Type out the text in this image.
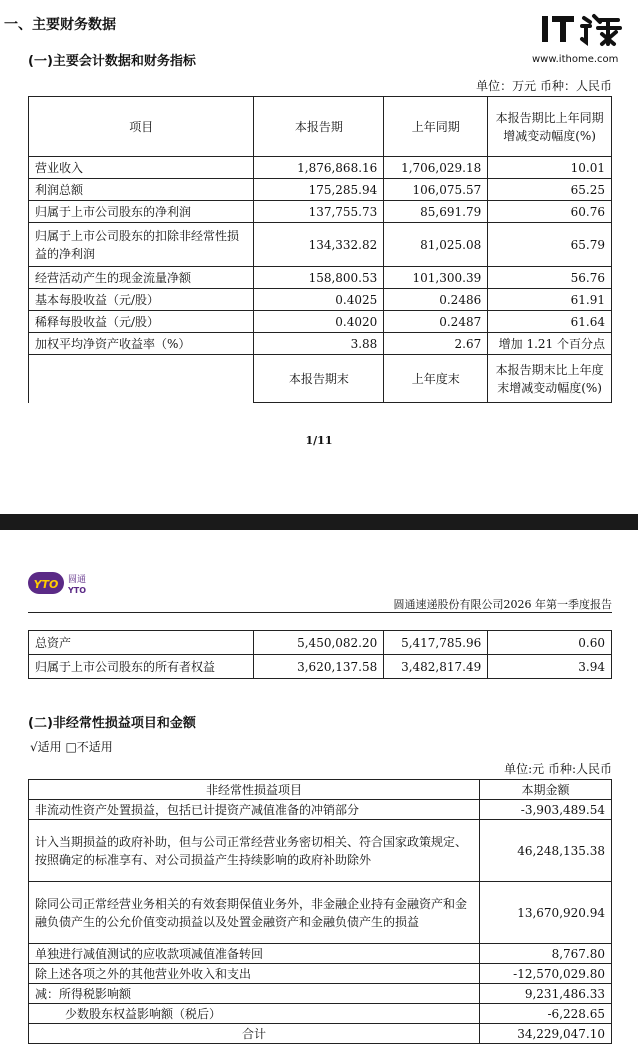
一、主要财务数据
(一)主要会计数据和财务指标	www.ithome.com
单位：万元 币种：人民币
项目	本报告期	上年同期	本报告期比上年同期增减变动幅度(%)
营业收入	1,876,868.16	1,706,029.18	10.01
利润总额	175,285.94	106,075.57	65.25
归属于上市公司股东的净利润	137,755.73	85,691.79	60.76
归属于上市公司股东的扣除非经常性损益的净利润	134,332.82	81,025.08	65.79
经营活动产生的现金流量净额	158,800.53	101,300.39	56.76
基本每股收益（元/股）	0.4025	0.2486	61.91
稀释每股收益（元/股）	0.4020	0.2487	61.64
加权平均净资产收益率（%）	3.88	2.67	增加 1.21 个百分点
	本报告期末	上年度末	本报告期末比上年度末增减变动幅度(%)
1/11
YTO 圆通
YTO
圆通速递股份有限公司2026 年第一季度报告
总资产	5,450,082.20	5,417,785.96	0.60
归属于上市公司股东的所有者权益	3,620,137.58	3,482,817.49	3.94
(二)非经常性损益项目和金额
√适用 □不适用
单位:元 币种:人民币
非经常性损益项目	本期金额
非流动性资产处置损益，包括已计提资产减值准备的冲销部分	-3,903,489.54
计入当期损益的政府补助，但与公司正常经营业务密切相关、符合国家政策规定、按照确定的标准享有、对公司损益产生持续影响的政府补助除外	46,248,135.38
除同公司正常经营业务相关的有效套期保值业务外，非金融企业持有金融资产和金融负债产生的公允价值变动损益以及处置金融资产和金融负债产生的损益	13,670,920.94
单独进行减值测试的应收款项减值准备转回	8,767.80
除上述各项之外的其他营业外收入和支出	-12,570,029.80
减：所得税影响额	9,231,486.33
少数股东权益影响额（税后）	-6,228.65
合计	34,229,047.10
